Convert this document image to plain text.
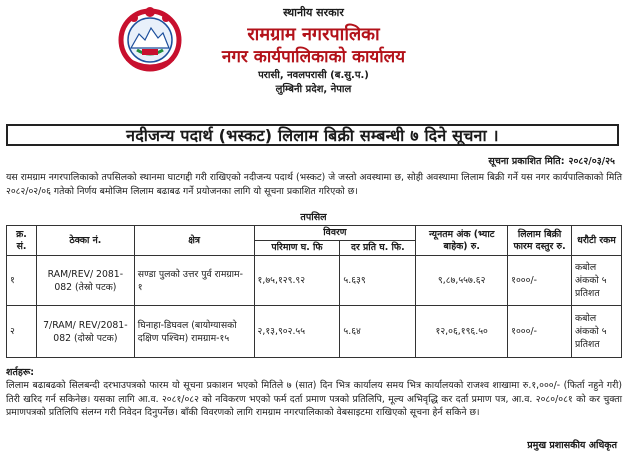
स्थानीय सरकार
रामग्राम नगरपालिका
नगर कार्यपालिकाको कार्यालय
परासी, नवलपरासी (ब.सु.प.)
लुम्बिनी प्रदेश, नेपाल
नदीजन्य पदार्थ (भस्कट) लिलाम बिक्री सम्बन्धी ७ दिने सूचना ।
सूचना प्रकाशित मिति: २०८२/०३/२५
यस रामग्राम नगरपालिकाको तपसिलको स्थानमा घाटगद्दी गरी राखिएको नदीजन्य पदार्थ (भस्कट) जे जस्तो अवस्थामा छ, सोही अवस्थामा लिलाम बिक्री गर्ने यस नगर कार्यपालिकाको मिति २०८२/०२/०६ गतेको निर्णय बमोजिम लिलाम बढाबढ गर्ने प्रयोजनका लागि यो सूचना प्रकाशित गरिएको छ।
तपसिल
क्र. सं.	ठेक्का नं.	क्षेत्र	विवरण		न्यूनतम अंक (भ्याट बाहेक) रु.	लिलाम बिक्री फारम दस्तुर रु.	धरौटी रकम
			परिमाण घ. फि	दर प्रति घ. फि.			
१	RAM/REV/ 2081-082 (तेस्रो पटक)	सण्डा पुलको उत्तर पुर्व रामग्राम- १	१,७५,१२९.९२	५.६३९	९,८७,५५७.६२	१०००/-	कबोल अंकको ५ प्रतिशत
२	7/RAM/ REV/2081-082 (दोस्रो पटक)	घिनाहा-डिघवल (बायोग्यासको दक्षिण पश्चिम) रामग्राम-१५	२,१३,९०२.५५	५.६४	१२,०६,१९६.५०	१०००/-	कबोल अंकको ५ प्रतिशत
शर्तहरू:
लिलाम बढाबढको सिलबन्दी दरभाउपत्रको फारम यो सूचना प्रकाशन भएको मितिले ७ (सात) दिन भित्र कार्यालय समय भित्र कार्यालयको राजश्व शाखामा रु.१,०००/- (फिर्ता नहुने गरी) तिरी खरिद गर्न सकिनेछ। यसका लागि आ.व. २०८१/०८२ को नविकरण भएको फर्म दर्ता प्रमाण पत्रको प्रतिलिपि, मूल्य अभिवृद्धि कर दर्ता प्रमाण पत्र, आ.व. २०८०/०८१ को कर चुक्ता प्रमाणपत्रको प्रतिलिपि संलग्न गरी निवेदन दिनुपर्नेछ। बाँकी विवरणको लागि रामग्राम नगरपालिकाको वेबसाइटमा राखिएको सूचना हेर्न सकिने छ।
प्रमुख प्रशासकीय अधिकृत
